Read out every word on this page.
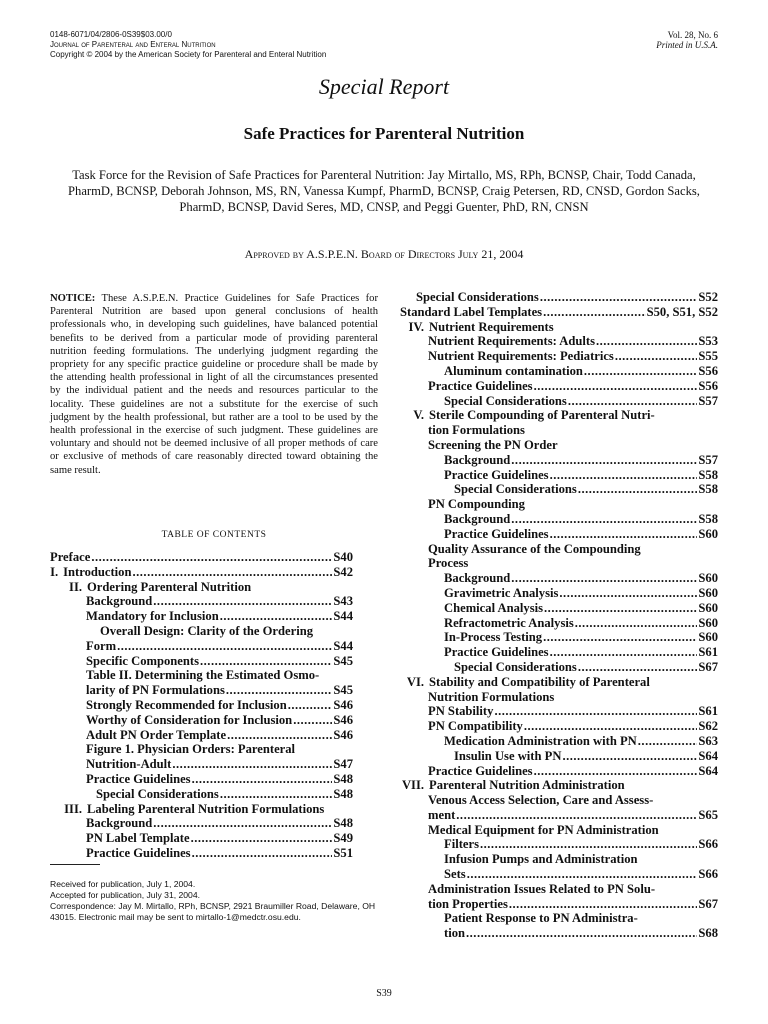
0148-6071/04/2806-0S39$03.00/0
Journal of Parenteral and Enteral Nutrition
Copyright © 2004 by the American Society for Parenteral and Enteral Nutrition
Vol. 28, No. 6
Printed in U.S.A.
Special Report
Safe Practices for Parenteral Nutrition
Task Force for the Revision of Safe Practices for Parenteral Nutrition: Jay Mirtallo, MS, RPh, BCNSP, Chair, Todd Canada, PharmD, BCNSP, Deborah Johnson, MS, RN, Vanessa Kumpf, PharmD, BCNSP, Craig Petersen, RD, CNSD, Gordon Sacks, PharmD, BCNSP, David Seres, MD, CNSP, and Peggi Guenter, PhD, RN, CNSN
Approved by A.S.P.E.N. Board of Directors July 21, 2004
NOTICE: These A.S.P.E.N. Practice Guidelines for Safe Practices for Parenteral Nutrition are based upon general conclusions of health professionals who, in developing such guidelines, have balanced potential benefits to be derived from a particular mode of providing parenteral nutrition feeding formulations. The underlying judgment regarding the propriety for any specific practice guideline or procedure shall be made by the attending health professional in light of all the circumstances presented by the individual patient and the needs and resources particular to the locality. These guidelines are not a substitute for the exercise of such judgment by the health professional, but rather are a tool to be used by the health professional in the exercise of such judgment. These guidelines are voluntary and should not be deemed inclusive of all proper methods of care or exclusive of methods of care reasonably directed toward obtaining the same result.
TABLE OF CONTENTS
Preface .....	S40
I. Introduction .....	S42
II. Ordering Parenteral Nutrition
Background .....	S43
Mandatory for Inclusion .....	S44
Overall Design: Clarity of the Ordering
Form .....	S44
Specific Components .....	S45
Table II. Determining the Estimated Osmo-
larity of PN Formulations .....	S45
Strongly Recommended for Inclusion .....	S46
Worthy of Consideration for Inclusion .....	S46
Adult PN Order Template .....	S46
Figure 1. Physician Orders: Parenteral
Nutrition-Adult .....	S47
Practice Guidelines .....	S48
Special Considerations .....	S48
III. Labeling Parenteral Nutrition Formulations
Background .....	S48
PN Label Template .....	S49
Practice Guidelines .....	S51
Special Considerations .....	S52
Standard Label Templates .....	S50, S51, S52
IV. Nutrient Requirements
Nutrient Requirements: Adults .....	S53
Nutrient Requirements: Pediatrics .....	S55
Aluminum contamination .....	S56
Practice Guidelines .....	S56
Special Considerations .....	S57
V. Sterile Compounding of Parenteral Nutri-
tion Formulations
Screening the PN Order
Background .....	S57
Practice Guidelines .....	S58
Special Considerations .....	S58
PN Compounding
Background .....	S58
Practice Guidelines .....	S60
Quality Assurance of the Compounding
Process
Background .....	S60
Gravimetric Analysis .....	S60
Chemical Analysis .....	S60
Refractometric Analysis .....	S60
In-Process Testing .....	S60
Practice Guidelines .....	S61
Special Considerations .....	S67
VI. Stability and Compatibility of Parenteral
Nutrition Formulations
PN Stability .....	S61
PN Compatibility .....	S62
Medication Administration with PN .....	S63
Insulin Use with PN .....	S64
Practice Guidelines .....	S64
VII. Parenteral Nutrition Administration
Venous Access Selection, Care and Assess-
ment .....	S65
Medical Equipment for PN Administration
Filters .....	S66
Infusion Pumps and Administration
Sets .....	S66
Administration Issues Related to PN Solu-
tion Properties .....	S67
Patient Response to PN Administra-
tion .....	S68
Received for publication, July 1, 2004.
Accepted for publication, July 31, 2004.
Correspondence: Jay M. Mirtallo, RPh, BCNSP, 2921 Braumiller Road, Delaware, OH 43015. Electronic mail may be sent to mirtallo-1@medctr.osu.edu.
S39
